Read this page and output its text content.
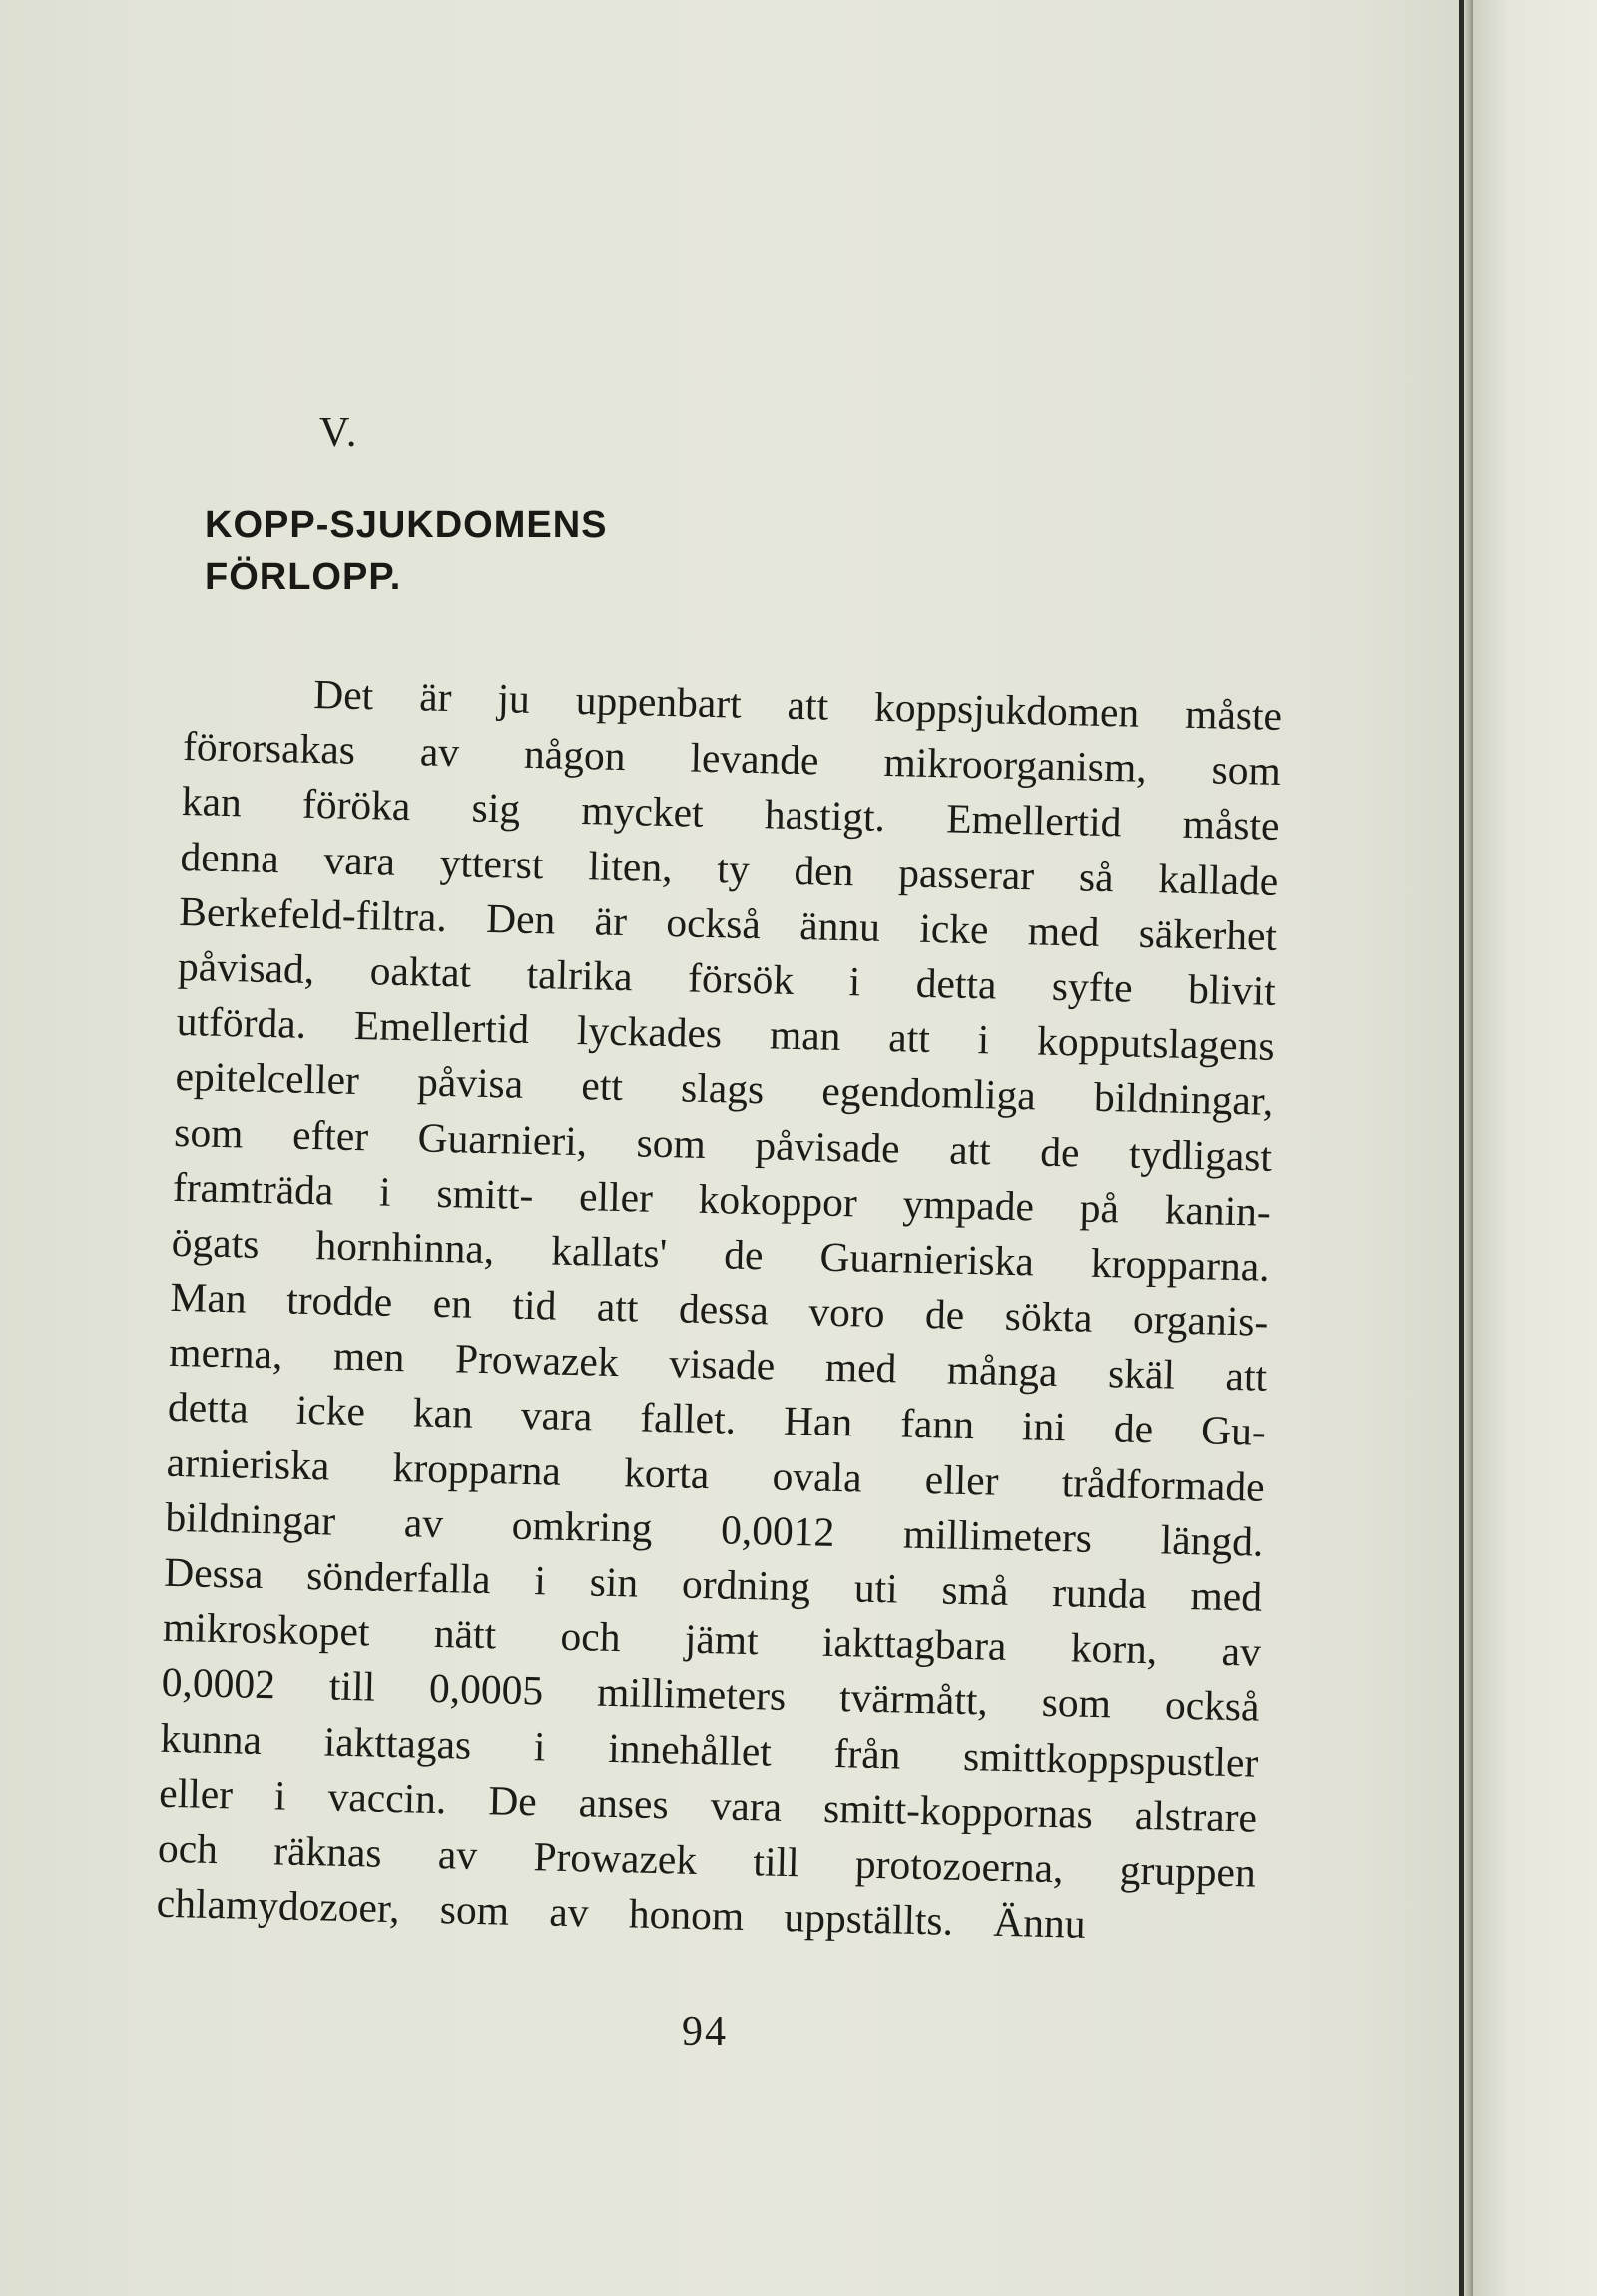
V.
KOPP-SJUKDOMENS
FÖRLOPP.
Det är ju uppenbart att koppsjukdomen måste
förorsakas av någon levande mikroorganism, som
kan föröka sig mycket hastigt. Emellertid måste
denna vara ytterst liten, ty den passerar så kallade
Berkefeld-filtra. Den är också ännu icke med säkerhet
påvisad, oaktat talrika försök i detta syfte blivit
utförda. Emellertid lyckades man att i kopputslagens
epitelceller påvisa ett slags egendomliga bildningar,
som efter Guarnieri, som påvisade att de tydligast
framträda i smitt- eller kokoppor ympade på kanin-
ögats hornhinna, kallats' de Guarnieriska kropparna.
Man trodde en tid att dessa voro de sökta organis-
merna, men Prowazek visade med många skäl att
detta icke kan vara fallet. Han fann ini de Gu-
arnieriska kropparna korta ovala eller trådformade
bildningar av omkring 0,0012 millimeters längd.
Dessa sönderfalla i sin ordning uti små runda med
mikroskopet nätt och jämt iakttagbara korn, av
0,0002 till 0,0005 millimeters tvärmått, som också
kunna iakttagas i innehållet från smittkoppspustler
eller i vaccin. De anses vara smitt-koppornas alstrare
och räknas av Prowazek till protozoerna, gruppen
chlamydozoer, som av honom uppställts. Ännu
94
